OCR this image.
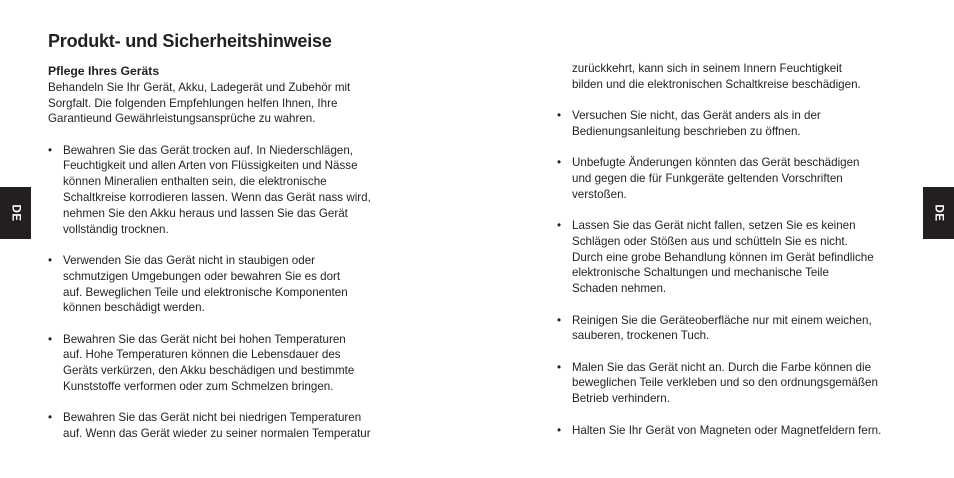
Produkt- und Sicherheitshinweise
Pflege Ihres Geräts

Behandeln Sie Ihr Gerät, Akku, Ladegerät und Zubehör mit
Sorgfalt. Die folgenden Empfehlungen helfen Ihnen, Ihre
Garantieund Gewährleistungsansprüche zu wahren.

• Bewahren Sie das Gerät trocken auf. In Niederschlägen,
Feuchtigkeit und allen Arten von Flüssigkeiten und Nässe
können Mineralien enthalten sein, die elektronische
Schaltkreise korrodieren lassen. Wenn das Gerät nass wird,
nehmen Sie den Akku heraus und lassen Sie das Gerät
vollständig trocknen.
• Verwenden Sie das Gerät nicht in staubigen oder
schmutzigen Umgebungen oder bewahren Sie es dort
auf. Beweglichen Teile und elektronische Komponenten
können beschädigt werden.
• Bewahren Sie das Gerät nicht bei hohen Temperaturen
auf. Hohe Temperaturen können die Lebensdauer des
Geräts verkürzen, den Akku beschädigen und bestimmte
Kunststoffe verformen oder zum Schmelzen bringen.
• Bewahren Sie das Gerät nicht bei niedrigen Temperaturen
auf. Wenn das Gerät wieder zu seiner normalen Temperatur

zurückkehrt, kann sich in seinem Innern Feuchtigkeit
bilden und die elektronischen Schaltkreise beschädigen.

• Versuchen Sie nicht, das Gerät anders als in der
Bedienungsanleitung beschrieben zu öffnen.
• Unbefugte Änderungen könnten das Gerät beschädigen
und gegen die für Funkgeräte geltenden Vorschriften
verstoßen.
• Lassen Sie das Gerät nicht fallen, setzen Sie es keinen
Schlägen oder Stößen aus und schütteln Sie es nicht.
Durch eine grobe Behandlung können im Gerät befindliche
elektronische Schaltungen und mechanische Teile
Schaden nehmen.
• Reinigen Sie die Geräteoberfläche nur mit einem weichen,
sauberen, trockenen Tuch.
• Malen Sie das Gerät nicht an. Durch die Farbe können die
beweglichen Teile verkleben und so den ordnungsgemäßen
Betrieb verhindern.
• Halten Sie Ihr Gerät von Magneten oder Magnetfeldern fern.
DE	DE
